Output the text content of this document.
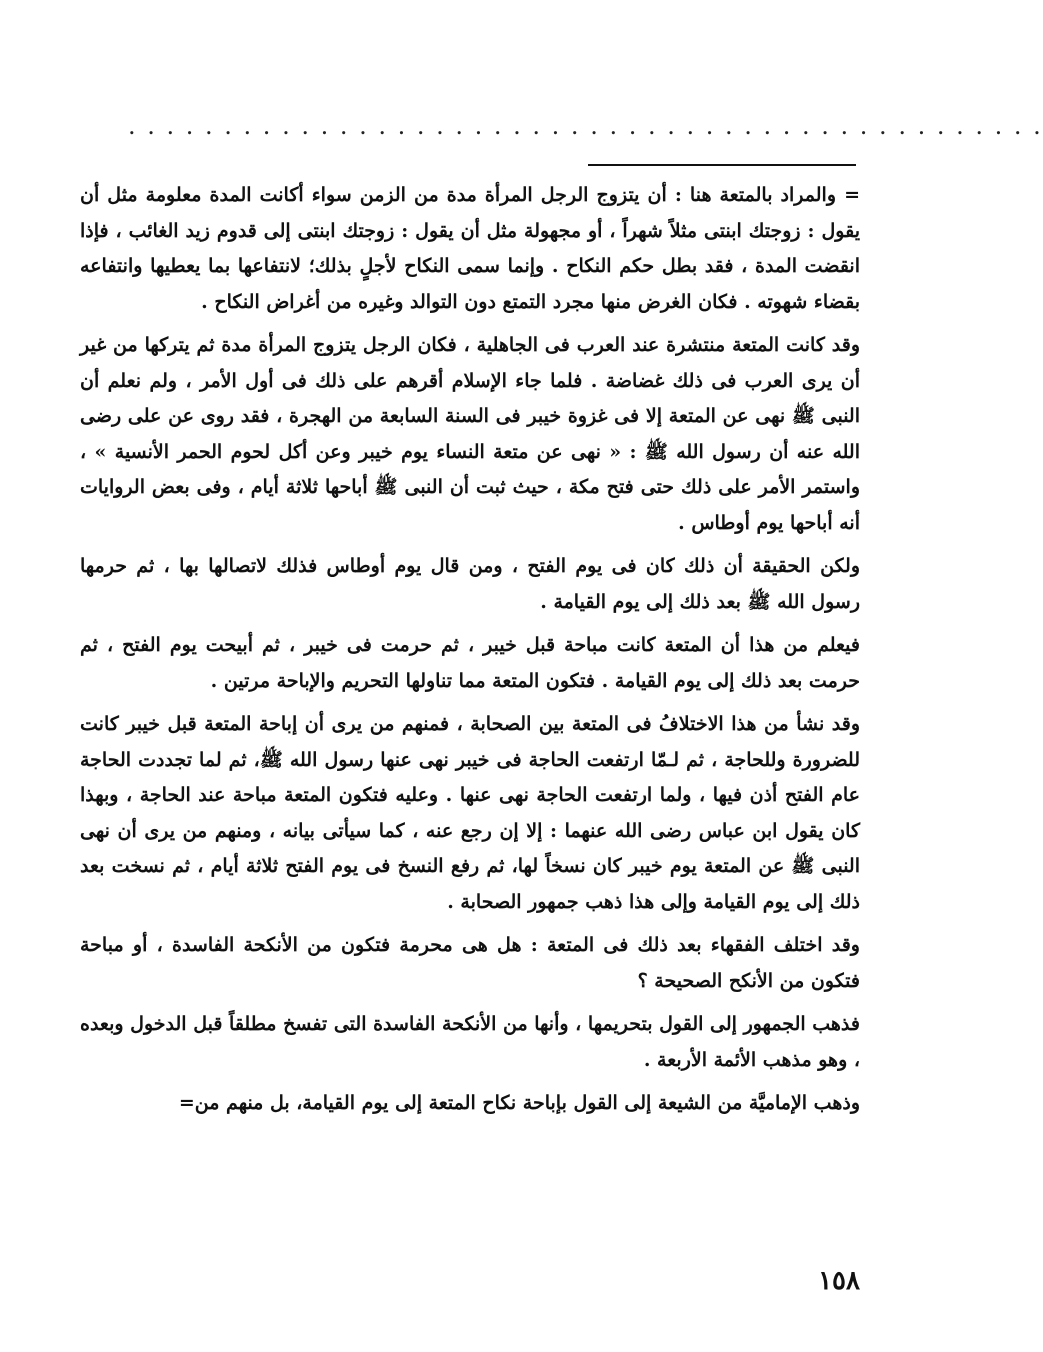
. . . . . . . . . . . . . . . . . . . . . . . . . . . . . . . . . . . . . . . . . . . . . . . .

= والمراد بالمتعة هنا : أن يتزوج الرجل المرأة مدة من الزمن سواء أكانت المدة معلومة مثل أن يقول : زوجتك ابنتى مثلاً شهراً ، أو مجهولة مثل أن يقول : زوجتك ابنتى إلى قدوم زيد الغائب ، فإذا انقضت المدة ، فقد بطل حكم النكاح . وإنما سمى النكاح لأجلٍ بذلك؛ لانتفاعها بما يعطيها وانتفاعه بقضاء شهوته . فكان الغرض منها مجرد التمتع دون التوالد وغيره من أغراض النكاح .

وقد كانت المتعة منتشرة عند العرب فى الجاهلية ، فكان الرجل يتزوج المرأة مدة ثم يتركها من غير أن يرى العرب فى ذلك غضاضة . فلما جاء الإسلام أقرهم على ذلك فى أول الأمر ، ولم نعلم أن النبى ﷺ نهى عن المتعة إلا فى غزوة خيبر فى السنة السابعة من الهجرة ، فقد روى عن على رضى الله عنه أن رسول الله ﷺ : « نهى عن متعة النساء يوم خيبر وعن أكل لحوم الحمر الأنسية » ، واستمر الأمر على ذلك حتى فتح مكة ، حيث ثبت أن النبى ﷺ أباحها ثلاثة أيام ، وفى بعض الروايات أنه أباحها يوم أوطاس .

ولكن الحقيقة أن ذلك كان فى يوم الفتح ، ومن قال يوم أوطاس فذلك لاتصالها بها ، ثم حرمها رسول الله ﷺ بعد ذلك إلى يوم القيامة .

فيعلم من هذا أن المتعة كانت مباحة قبل خيبر ، ثم حرمت فى خيبر ، ثم أبيحت يوم الفتح ، ثم حرمت بعد ذلك إلى يوم القيامة . فتكون المتعة مما تناولها التحريم والإباحة مرتين .

وقد نشأ من هذا الاختلافُ فى المتعة بين الصحابة ، فمنهم من يرى أن إباحة المتعة قبل خيبر كانت للضرورة وللحاجة ، ثم لـمّا ارتفعت الحاجة فى خيبر نهى عنها رسول الله ﷺ، ثم لما تجددت الحاجة عام الفتح أذن فيها ، ولما ارتفعت الحاجة نهى عنها . وعليه فتكون المتعة مباحة عند الحاجة ، وبهذا كان يقول ابن عباس رضى الله عنهما : إلا إن رجع عنه ، كما سيأتى بيانه ، ومنهم من يرى أن نهى النبى ﷺ عن المتعة يوم خيبر كان نسخاً لها، ثم رفع النسخ فى يوم الفتح ثلاثة أيام ، ثم نسخت بعد ذلك إلى يوم القيامة وإلى هذا ذهب جمهور الصحابة .

وقد اختلف الفقهاء بعد ذلك فى المتعة : هل هى محرمة فتكون من الأنكحة الفاسدة ، أو مباحة فتكون من الأنكح الصحيحة ؟

فذهب الجمهور إلى القول بتحريمها ، وأنها من الأنكحة الفاسدة التى تفسخ مطلقاً قبل الدخول وبعده ، وهو مذهب الأئمة الأربعة .

وذهب الإماميَّة من الشيعة إلى القول بإباحة نكاح المتعة إلى يوم القيامة، بل منهم من=

١٥٨
